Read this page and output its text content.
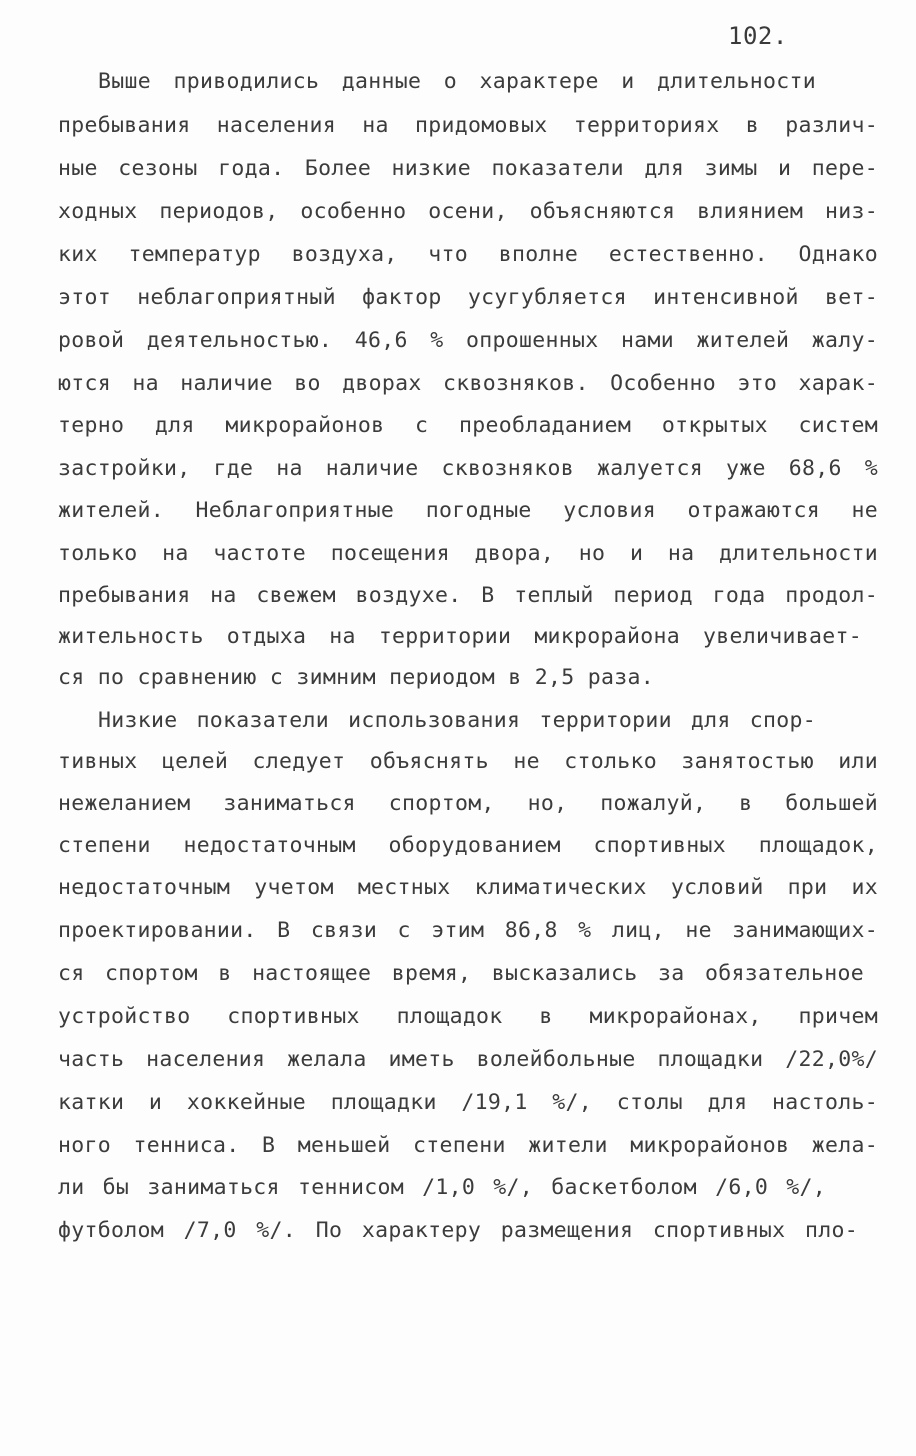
102.
Выше приводились данные о характере и длительности
пребывания населения на придомовых территориях в различ-
ные сезоны года. Более низкие показатели для зимы и пере-
ходных периодов, особенно осени, объясняются влиянием низ-
ких температур воздуха, что вполне естественно. Однако
этот неблагоприятный фактор усугубляется интенсивной вет-
ровой деятельностью. 46,6 % опрошенных нами жителей жалу-
ются на наличие во дворах сквозняков. Особенно это харак-
терно для микрорайонов с преобладанием открытых систем
застройки, где на наличие сквозняков жалуется уже 68,6 %
жителей. Неблагоприятные погодные условия отражаются не
только на частоте посещения двора, но и на длительности
пребывания на свежем воздухе. В теплый период года продол-
жительность отдыха на территории микрорайона увеличивает-
ся по сравнению с зимним периодом в 2,5 раза.
Низкие показатели использования территории для спор-
тивных целей следует объяснять не столько занятостью или
нежеланием заниматься спортом, но, пожалуй, в большей
степени недостаточным оборудованием спортивных площадок,
недостаточным учетом местных климатических условий при их
проектировании. В связи с этим 86,8 % лиц, не занимающих-
ся спортом в настоящее время, высказались за обязательное
устройство спортивных площадок в микрорайонах, причем
часть населения желала иметь волейбольные площадки /22,0%/
катки и хоккейные площадки /19,1 %/, столы для настоль-
ного тенниса. В меньшей степени жители микрорайонов жела-
ли бы заниматься теннисом /1,0 %/, баскетболом /6,0 %/,
футболом /7,0 %/. По характеру размещения спортивных пло-
